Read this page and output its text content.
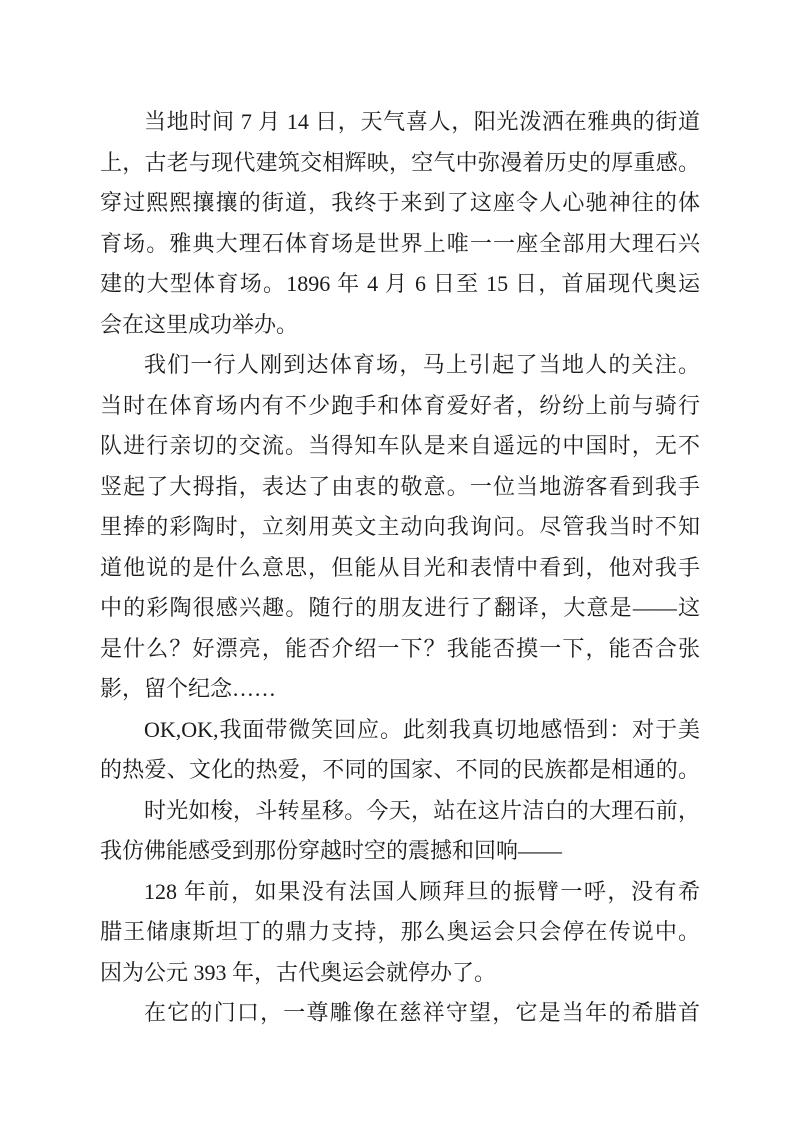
当地时间 7 月 14 日，天气喜人，阳光泼洒在雅典的街道
上，古老与现代建筑交相辉映，空气中弥漫着历史的厚重感。
穿过熙熙攘攘的街道，我终于来到了这座令人心驰神往的体
育场。雅典大理石体育场是世界上唯一一座全部用大理石兴
建的大型体育场。1896 年 4 月 6 日至 15 日，首届现代奥运
会在这里成功举办。
我们一行人刚到达体育场，马上引起了当地人的关注。
当时在体育场内有不少跑手和体育爱好者，纷纷上前与骑行
队进行亲切的交流。当得知车队是来自遥远的中国时，无不
竖起了大拇指，表达了由衷的敬意。一位当地游客看到我手
里捧的彩陶时，立刻用英文主动向我询问。尽管我当时不知
道他说的是什么意思，但能从目光和表情中看到，他对我手
中的彩陶很感兴趣。随行的朋友进行了翻译，大意是——这
是什么？好漂亮，能否介绍一下？我能否摸一下，能否合张
影，留个纪念……
OK,OK,我面带微笑回应。此刻我真切地感悟到：对于美
的热爱、文化的热爱，不同的国家、不同的民族都是相通的。
时光如梭，斗转星移。今天，站在这片洁白的大理石前，
我仿佛能感受到那份穿越时空的震撼和回响——
128 年前，如果没有法国人顾拜旦的振臂一呼，没有希
腊王储康斯坦丁的鼎力支持，那么奥运会只会停在传说中。
因为公元 393 年，古代奥运会就停办了。
在它的门口，一尊雕像在慈祥守望，它是当年的希腊首
